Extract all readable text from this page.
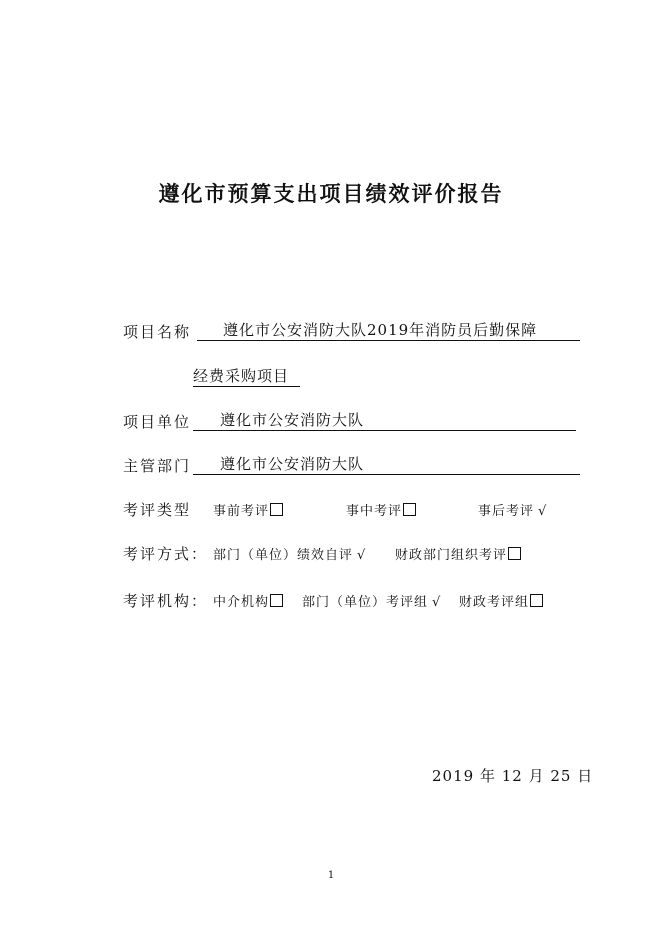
遵化市预算支出项目绩效评价报告
项目名称	遵化市公安消防大队2019年消防员后勤保障
经费采购项目
项目单位	遵化市公安消防大队
主管部门	遵化市公安消防大队
考评类型 事前考评	事中考评	事后考评 √
考评方式： 部门（单位）绩效自评 √ 财政部门组织考评
考评机构： 中介机构	部门（单位）考评组 √ 财政考评组
2019 年 12 月 25 日
1
